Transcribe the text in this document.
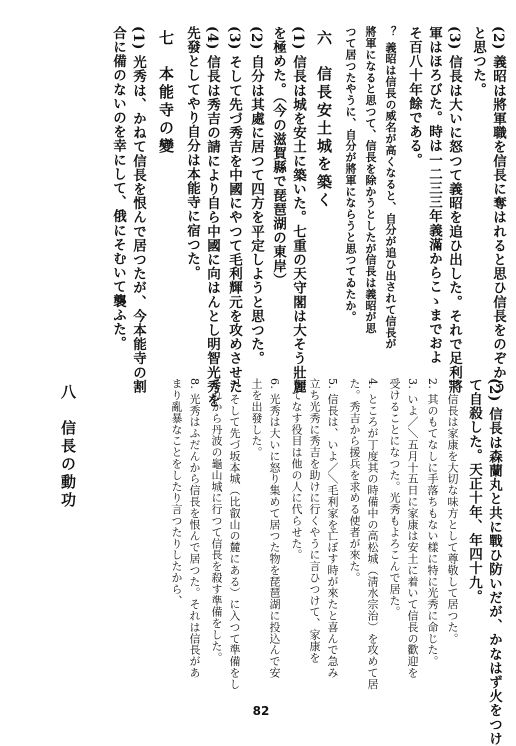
(2) 義昭は將軍職を信長に奪はれると思ひ信長をのぞかう
と思つた。
(3) 信長は大いに怒つて義昭を追ひ出した。それで足利將
軍はほろびた。時は一二三三年義滿からこゝまでおよ
そ百八十年餘である。
？ 義昭は信長の威名が高くなると、自分が追ひ出されて信長が
將軍になると思つて、信長を除かうとしたが信長は義昭が思
つて居つたやうに、自分が將軍にならうと思つてゐたか。
六　信長安土城を築く
(1) 信長は城を安土に築いた。七重の天守閣は大そう壯麗
を極めた。（今の滋賀縣で琵琶湖の東岸）
(2) 自分は其處に居つて四方を平定しようと思つた。
(3) そして先づ秀吉を中國にやつて毛利輝元を攻めさせた
(4) 信長は秀吉の請により自ら中國に向はんとし明智光秀を
先發としてやり自分は本能寺に宿つた。
七　本能寺の變
(1) 光秀は、かねて信長を恨んで居つたが、今本能寺の割
合に備のないのを幸にして、俄にそむいて襲ふた。
(2) 信長は森蘭丸と共に戰ひ防いだが、かなはず火をつけ
て自殺した。天正十年、年四十九。
1. 信長は家康を大切な味方として尊敬して居つた。
2. 其のもてなしに手落ちもない樣に特に光秀に命じた。
3. いよ／＼五月十五日に家康は安土に着いて信長の歡迎を
受けることになつた。光秀もよろこんで居た。
4. ところが丁度其の時備中の高松城（淸水宗治）を攻めて居
た。秀吉から援兵を求める使者が來た。
5. 信長は、いよ／＼毛利家を亡ぼす時が來たと喜んで急み
立ち光秀に秀吉を助けに行くやうに言ひつけて、家康を
もてなす役目は他の人に代らせた。
6. 光秀は大いに怒り集めて居つた物を琵琶湖に投込んで安
土を出發した。
7. そして先づ坂本城（比叡山の麓にある）に入つて準備をし
それから丹波の龜山城に行つて信長を殺す準備をした。
8. 光秀はふだんから信長を恨んで居つた。それは信長があ
まり亂暴なことをしたり言つたりしたから、
八　信長の動功
82
